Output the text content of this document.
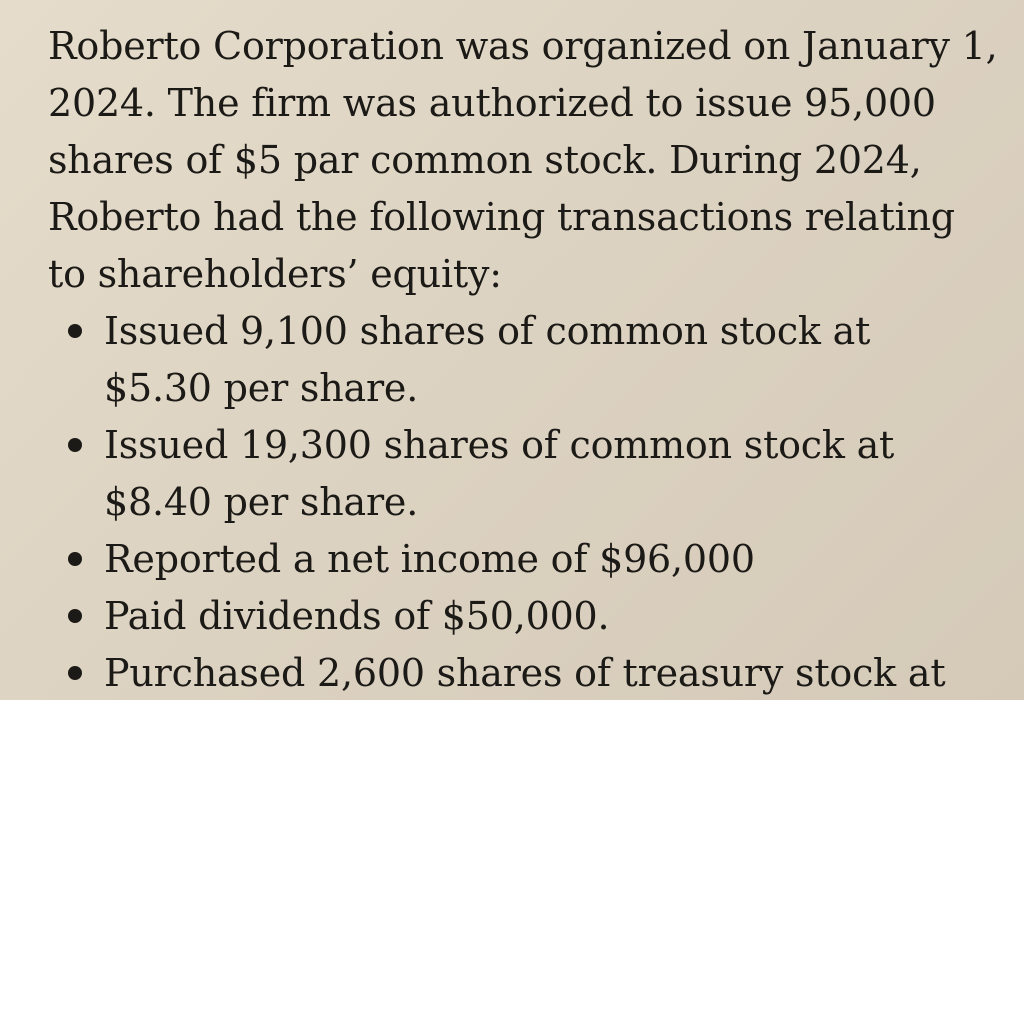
Roberto Corporation was organized on January 1,
2024. The firm was authorized to issue 95,000
shares of $5 par common stock. During 2024,
Roberto had the following transactions relating
to shareholders’ equity:
Issued 9,100 shares of common stock at
$5.30 per share.
Issued 19,300 shares of common stock at
$8.40 per share.
Reported a net income of $96,000
Paid dividends of $50,000.
Purchased 2,600 shares of treasury stock at
